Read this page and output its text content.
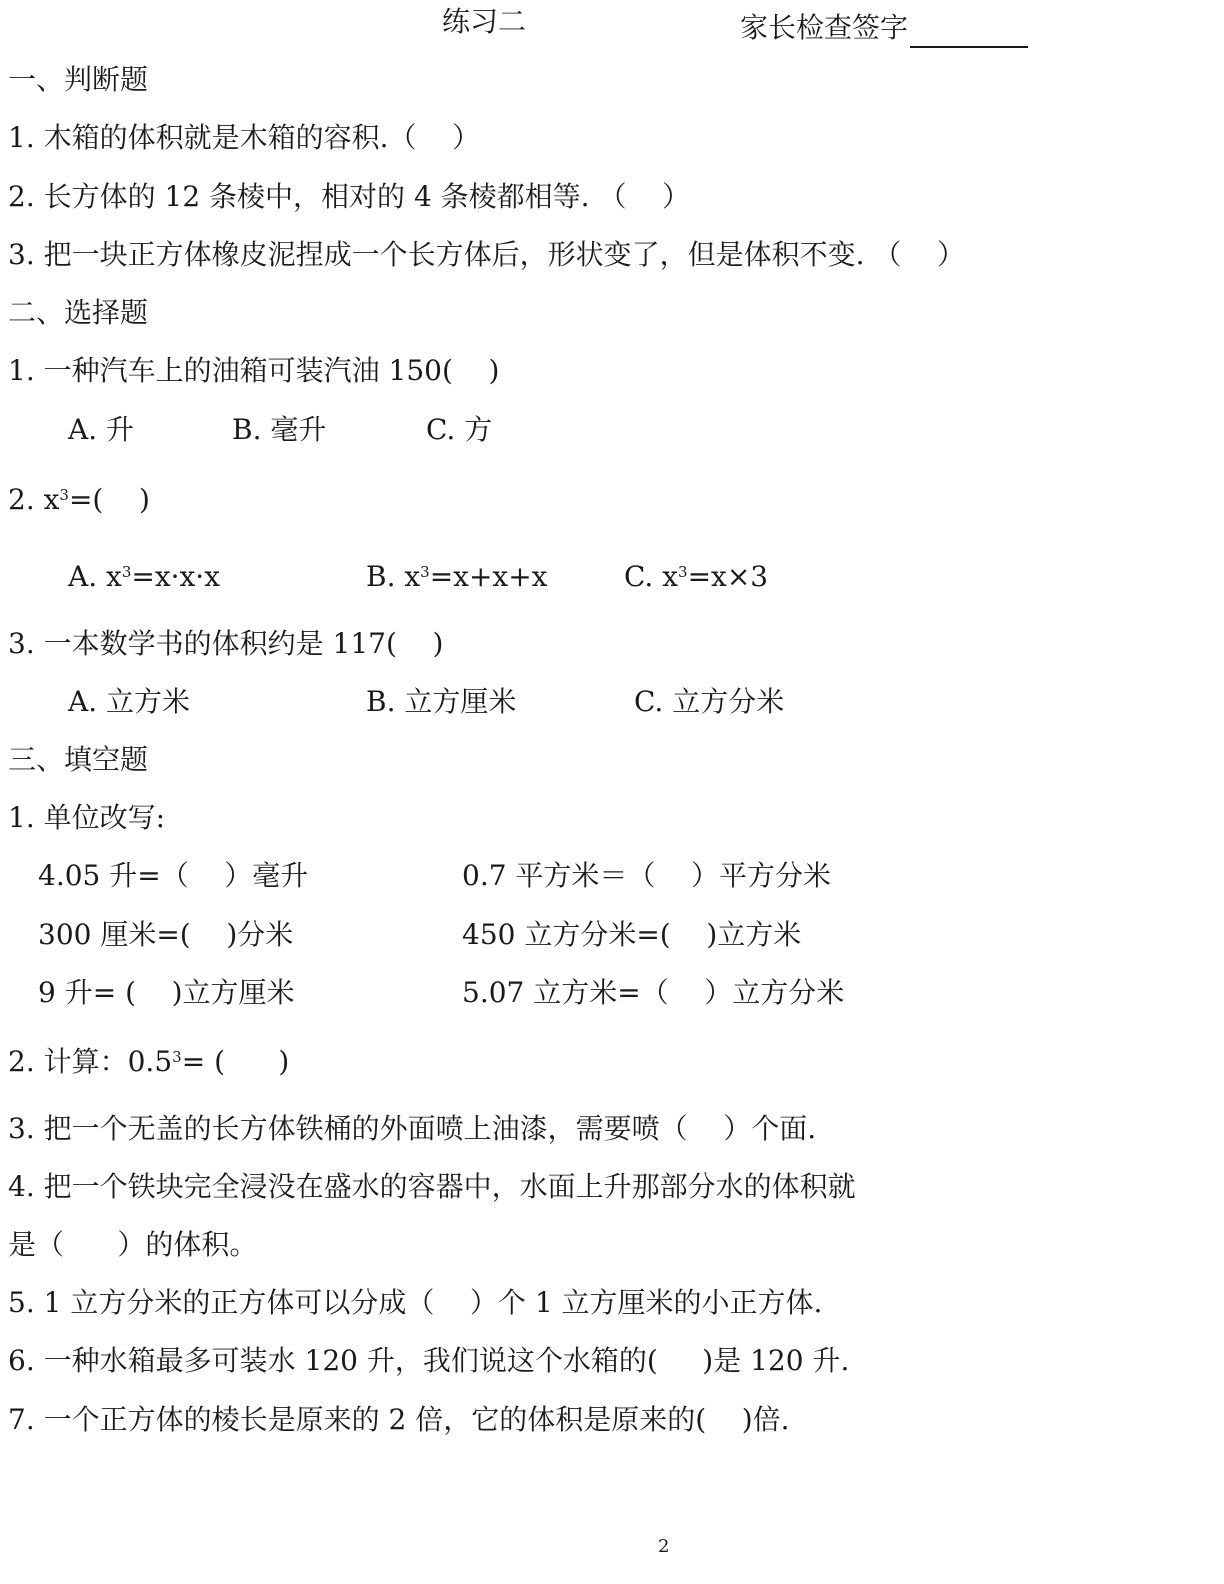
练习二	家长检查签字
一、判断题
1. 木箱的体积就是木箱的容积.（    ）
2. 长方体的 12 条棱中，相对的 4 条棱都相等. （    ）
3. 把一块正方体橡皮泥捏成一个长方体后，形状变了，但是体积不变. （    ）
二、选择题
1. 一种汽车上的油箱可装汽油 150(    )
A. 升	B. 毫升	C. 方
2. $x^3=$(    )
A. $x^3=x\cdot x\cdot x$	B. $x^3=x+x+x$	C. $x^3=x\times 3$
3. 一本数学书的体积约是 117(    )
A. 立方米	B. 立方厘米	C. 立方分米
三、填空题
1. 单位改写:
4.05 升=（    ）毫升	0.7 平方米＝（    ）平方分米
300 厘米=(    )分米	450 立方分米=(    )立方米
9 升= (    )立方厘米	5.07 立方米=（    ）立方分米
2. 计算：$0.5^3=$ (      )
3. 把一个无盖的长方体铁桶的外面喷上油漆，需要喷（    ）个面.
4. 把一个铁块完全浸没在盛水的容器中，水面上升那部分水的体积就
是（      ）的体积。
5. 1 立方分米的正方体可以分成（    ）个 1 立方厘米的小正方体.
6. 一种水箱最多可装水 120 升，我们说这个水箱的(     )是 120 升.
7. 一个正方体的棱长是原来的 2 倍，它的体积是原来的(    )倍.
2
